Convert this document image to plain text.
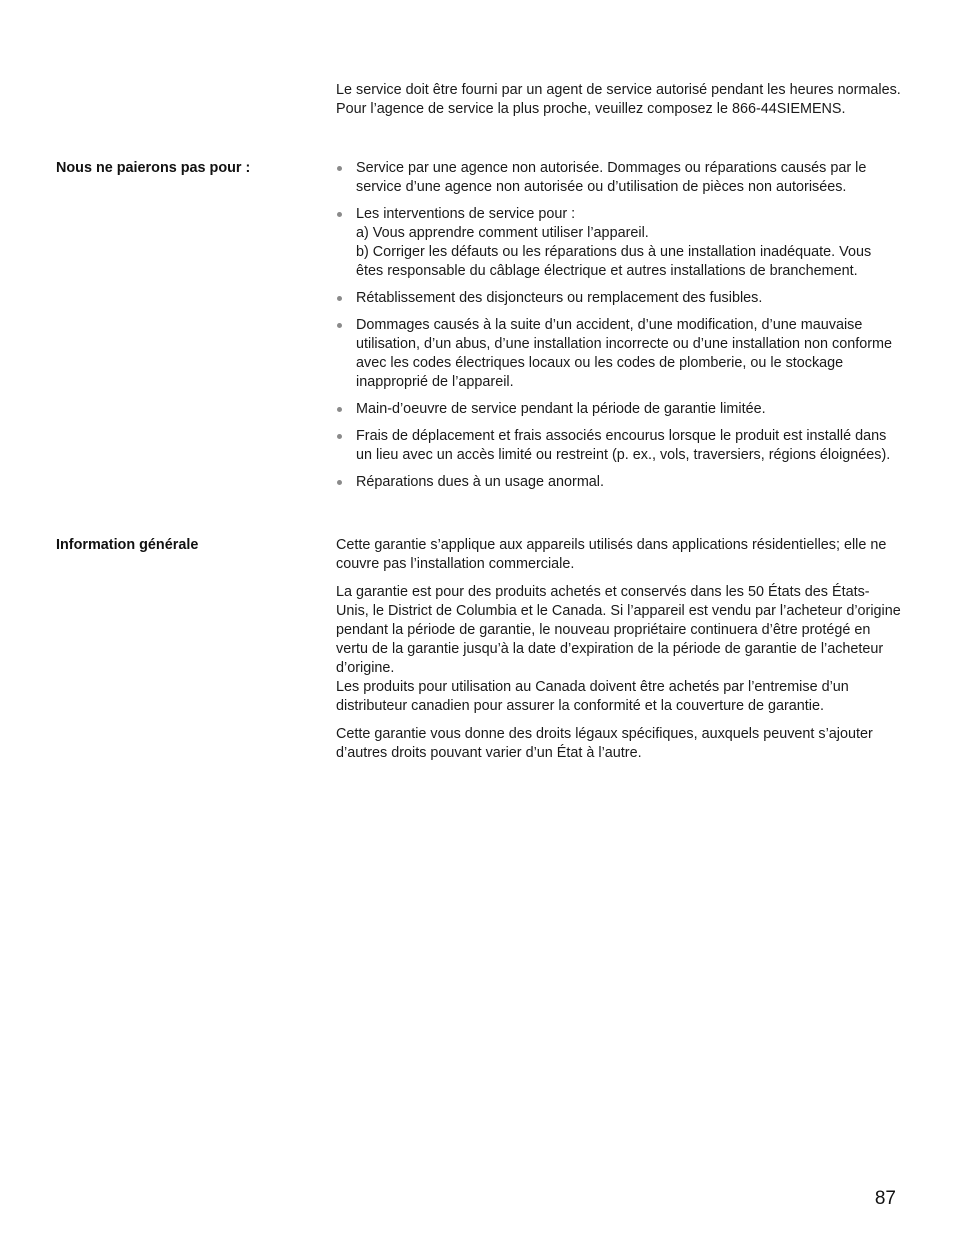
Le service doit être fourni par un agent de service autorisé pendant les heures normales. Pour l’agence de service la plus proche, veuillez composez le 866-44SIEMENS.

Nous ne paierons pas pour :	Service par une agence non autorisée. Dommages ou réparations causés par le service d’une agence non autorisée ou d’utilisation de pièces non autorisées.
Les interventions de service pour :
a) Vous apprendre comment utiliser l’appareil.
b) Corriger les défauts ou les réparations dus à une installation inadéquate. Vous êtes responsable du câblage électrique et autres installations de branchement.
Rétablissement des disjoncteurs ou remplacement des fusibles.
Dommages causés à la suite d’un accident, d’une modification, d’une mauvaise utilisation, d’un abus, d’une installation incorrecte ou d’une installation non conforme avec les codes électriques locaux ou les codes de plomberie, ou le stockage inapproprié de l’appareil.
Main-d’oeuvre de service pendant la période de garantie limitée.
Frais de déplacement et frais associés encourus lorsque le produit est installé dans un lieu avec un accès limité ou restreint (p. ex., vols, traversiers, régions éloignées).
Réparations dues à un usage anormal.
Information générale	Cette garantie s’applique aux appareils utilisés dans applications résidentielles; elle ne couvre pas l’installation commerciale.

La garantie est pour des produits achetés et conservés dans les 50 États des États-Unis, le District de Columbia et le Canada. Si l’appareil est vendu par l’acheteur d’origine pendant la période de garantie, le nouveau propriétaire continuera d’être protégé en vertu de la garantie jusqu’à la date d’expiration de la période de garantie de l’acheteur d’origine.
Les produits pour utilisation au Canada doivent être achetés par l’entremise d’un distributeur canadien pour assurer la conformité et la couverture de garantie.

Cette garantie vous donne des droits légaux spécifiques, auxquels peuvent s’ajouter d’autres droits pouvant varier d’un État à l’autre.

87
